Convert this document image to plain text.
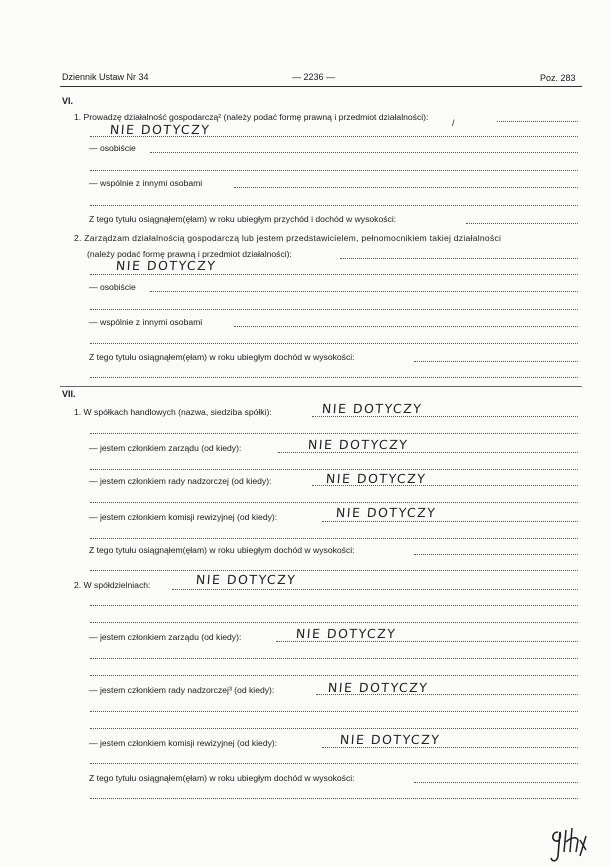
Dziennik Ustaw Nr 34	— 2236 —	Poz. 283
VI.
1. Prowadzę działalność gospodarczą² (należy podać formę prawną i przedmiot działalności):
/
NIE DOTYCZY
— osobiście
— wspólnie z innymi osobami
Z tego tytułu osiągnąłem(ęłam) w roku ubiegłym przychód i dochód w wysokości:
2. Zarządzam działalnością gospodarczą lub jestem przedstawicielem, pełnomocnikiem takiej działalności
(należy podać formę prawną i przedmiot działalności):
NIE DOTYCZY
— osobiście
— wspólnie z innymi osobami
Z tego tytułu osiągnąłem(ęłam) w roku ubiegłym dochód w wysokości:
VII.
1. W spółkach handlowych (nazwa, siedziba spółki):	NIE DOTYCZY
— jestem członkiem zarządu (od kiedy):	NIE DOTYCZY
— jestem członkiem rady nadzorczej (od kiedy):	NIE DOTYCZY
— jestem członkiem komisji rewizyjnej (od kiedy):	NIE DOTYCZY
Z tego tytułu osiągnąłem(ęłam) w roku ubiegłym dochód w wysokości:
2. W spółdzielniach:	NIE DOTYCZY
— jestem członkiem zarządu (od kiedy):	NIE DOTYCZY
— jestem członkiem rady nadzorczej³ (od kiedy):	NIE DOTYCZY
— jestem członkiem komisji rewizyjnej (od kiedy):	NIE DOTYCZY
Z tego tytułu osiągnąłem(ęłam) w roku ubiegłym dochód w wysokości:
